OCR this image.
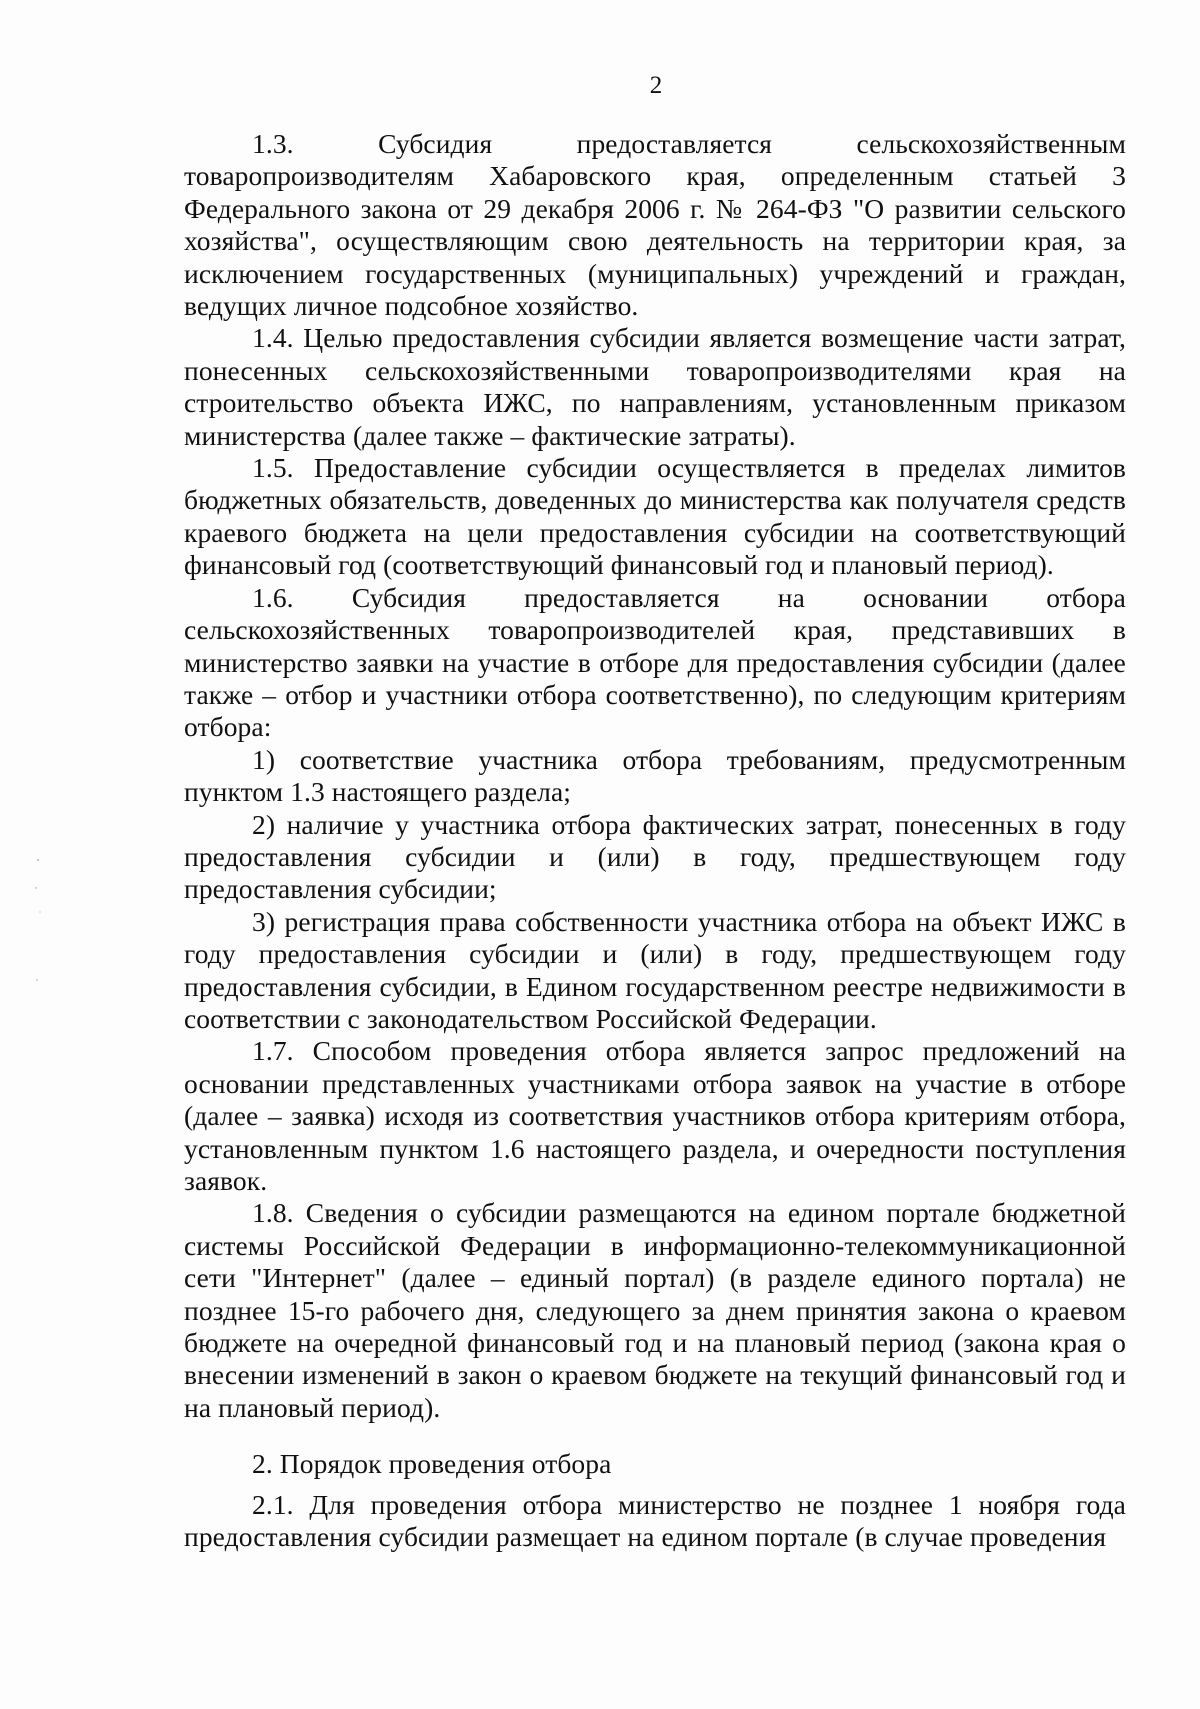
2

1.3. Субсидия предоставляется сельскохозяйственным товаропроизводителям Хабаровского края, определенным статьей 3 Федерального закона от 29 декабря 2006 г. № 264-ФЗ "О развитии сельского хозяйства", осуществляющим свою деятельность на территории края, за исключением государственных (муниципальных) учреждений и граждан, ведущих личное подсобное хозяйство.

1.4. Целью предоставления субсидии является возмещение части затрат, понесенных сельскохозяйственными товаропроизводителями края на строительство объекта ИЖС, по направлениям, установленным приказом министерства (далее также – фактические затраты).

1.5. Предоставление субсидии осуществляется в пределах лимитов бюджетных обязательств, доведенных до министерства как получателя средств краевого бюджета на цели предоставления субсидии на соответствующий финансовый год (соответствующий финансовый год и плановый период).

1.6. Субсидия предоставляется на основании отбора сельскохозяйственных товаропроизводителей края, представивших в министерство заявки на участие в отборе для предоставления субсидии (далее также – отбор и участники отбора соответственно), по следующим критериям отбора:

1) соответствие участника отбора требованиям, предусмотренным пунктом 1.3 настоящего раздела;

2) наличие у участника отбора фактических затрат, понесенных в году предоставления субсидии и (или) в году, предшествующем году предоставления субсидии;

3) регистрация права собственности участника отбора на объект ИЖС в году предоставления субсидии и (или) в году, предшествующем году предоставления субсидии, в Едином государственном реестре недвижимости в соответствии с законодательством Российской Федерации.

1.7. Способом проведения отбора является запрос предложений на основании представленных участниками отбора заявок на участие в отборе (далее – заявка) исходя из соответствия участников отбора критериям отбора, установленным пунктом 1.6 настоящего раздела, и очередности поступления заявок.

1.8. Сведения о субсидии размещаются на едином портале бюджетной системы Российской Федерации в информационно-телекоммуникационной сети "Интернет" (далее – единый портал) (в разделе единого портала) не позднее 15-го рабочего дня, следующего за днем принятия закона о краевом бюджете на очередной финансовый год и на плановый период (закона края о внесении изменений в закон о краевом бюджете на текущий финансовый год и на плановый период).

2. Порядок проведения отбора

2.1. Для проведения отбора министерство не позднее 1 ноября года предоставления субсидии размещает на едином портале (в случае проведения
